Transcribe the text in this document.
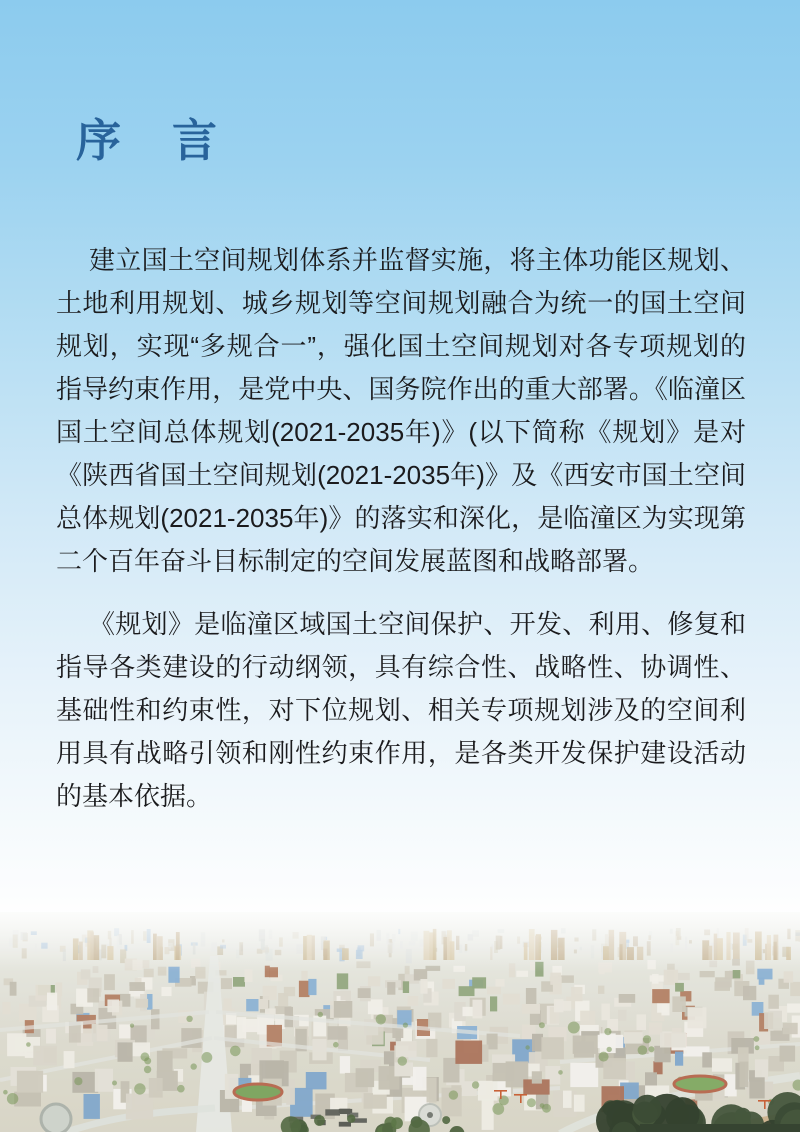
序　言

建立国土空间规划体系并监督实施，将主体功能区规划、土地利用规划、城乡规划等空间规划融合为统一的国土空间规划，实现“多规合一”，强化国土空间规划对各专项规划的指导约束作用，是党中央、国务院作出的重大部署。《临潼区国土空间总体规划(2021-2035年)》(以下简称《规划》是对《陕西省国土空间规划(2021-2035年)》及《西安市国土空间总体规划(2021-2035年)》的落实和深化，是临潼区为实现第二个百年奋斗目标制定的空间发展蓝图和战略部署。

《规划》是临潼区域国土空间保护、开发、利用、修复和指导各类建设的行动纲领，具有综合性、战略性、协调性、基础性和约束性，对下位规划、相关专项规划涉及的空间利用具有战略引领和刚性约束作用，是各类开发保护建设活动的基本依据。
